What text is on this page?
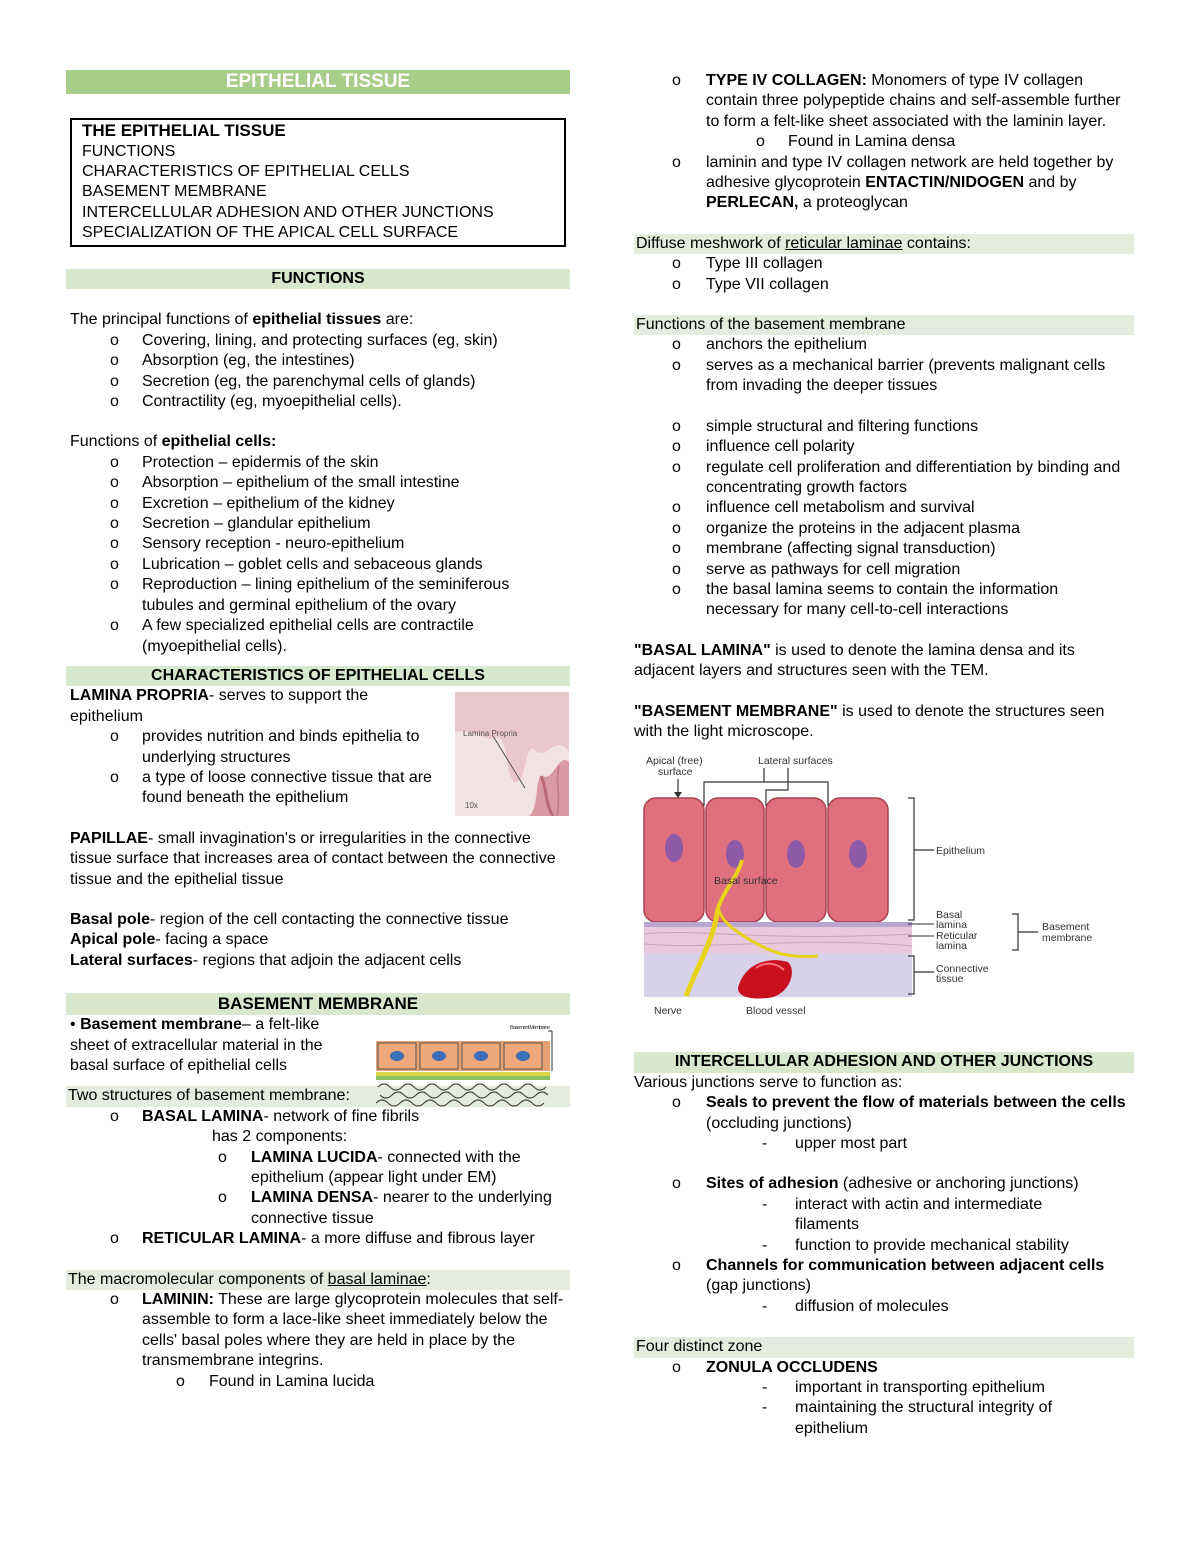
EPITHELIAL TISSUE
THE EPITHELIAL TISSUE
FUNCTIONS
CHARACTERISTICS OF EPITHELIAL CELLS
BASEMENT MEMBRANE
INTERCELLULAR ADHESION AND OTHER JUNCTIONS
SPECIALIZATION OF THE APICAL CELL SURFACE
FUNCTIONS

The principal functions of epithelial tissues are:

o Covering, lining, and protecting surfaces (eg, skin)
o Absorption (eg, the intestines)
o Secretion (eg, the parenchymal cells of glands)
o Contractility (eg, myoepithelial cells).

Functions of epithelial cells:

o Protection – epidermis of the skin
o Absorption – epithelium of the small intestine
o Excretion – epithelium of the kidney
o Secretion – glandular epithelium
o Sensory reception - neuro-epithelium
o Lubrication – goblet cells and sebaceous glands
o Reproduction – lining epithelium of the seminiferous tubules and germinal epithelium of the ovary
o A few specialized epithelial cells are contractile (myoepithelial cells).
CHARACTERISTICS OF EPITHELIAL CELLS

LAMINA PROPRIA- serves to support the epithelium

o provides nutrition and binds epithelia to underlying structures
o a type of loose connective tissue that are found beneath the epithelium
Lamina Propria
10x

PAPILLAE- small invagination's or irregularities in the connective tissue surface that increases area of contact between the connective tissue and the epithelial tissue

Basal pole- region of the cell contacting the connective tissue

Apical pole- facing a space

Lateral surfaces- regions that adjoin the adjacent cells

BASEMENT MEMBRANE

• Basement membrane– a felt-like sheet of extracellular material in the basal surface of epithelial cells

Basement Membrane
Two structures of basement membrane:
o BASAL LAMINA- network of fine fibrils

has 2 components:

o LAMINA LUCIDA- connected with the epithelium (appear light under EM)
o LAMINA DENSA- nearer to the underlying connective tissue
o RETICULAR LAMINA- a more diffuse and fibrous layer
The macromolecular components of basal laminae:
o LAMININ: These are large glycoprotein molecules that self- assemble to form a lace-like sheet immediately below the cells' basal poles where they are held in place by the transmembrane integrins.
o Found in Lamina lucida
o TYPE IV COLLAGEN: Monomers of type IV collagen contain three polypeptide chains and self-assemble further to form a felt-like sheet associated with the laminin layer.
o Found in Lamina densa
o laminin and type IV collagen network are held together by adhesive glycoprotein ENTACTIN/NIDOGEN and by PERLECAN, a proteoglycan
Diffuse meshwork of reticular laminae contains:
o Type III collagen
o Type VII collagen
Functions of the basement membrane
o anchors the epithelium
o serves as a mechanical barrier (prevents malignant cells from invading the deeper tissues
o simple structural and filtering functions
o influence cell polarity
o regulate cell proliferation and differentiation by binding and concentrating growth factors
o influence cell metabolism and survival
o organize the proteins in the adjacent plasma
o membrane (affecting signal transduction)
o serve as pathways for cell migration
o the basal lamina seems to contain the information necessary for many cell-to-cell interactions

"BASAL LAMINA" is used to denote the lamina densa and its adjacent layers and structures seen with the TEM.

"BASEMENT MEMBRANE" is used to denote the structures seen with the light microscope.

Apical (free)
surface
Lateral surfaces
Basal surface
Epithelium
Basal
lamina
Reticular
lamina
Basement
membrane
Connective
tissue
Nerve	Blood vessel
INTERCELLULAR ADHESION AND OTHER JUNCTIONS

Various junctions serve to function as:

o Seals to prevent the flow of materials between the cells (occluding junctions)
- upper most part
o Sites of adhesion (adhesive or anchoring junctions)
- interact with actin and intermediate filaments
- function to provide mechanical stability
o Channels for communication between adjacent cells (gap junctions)
- diffusion of molecules
Four distinct zone
o ZONULA OCCLUDENS
- important in transporting epithelium
- maintaining the structural integrity of epithelium
